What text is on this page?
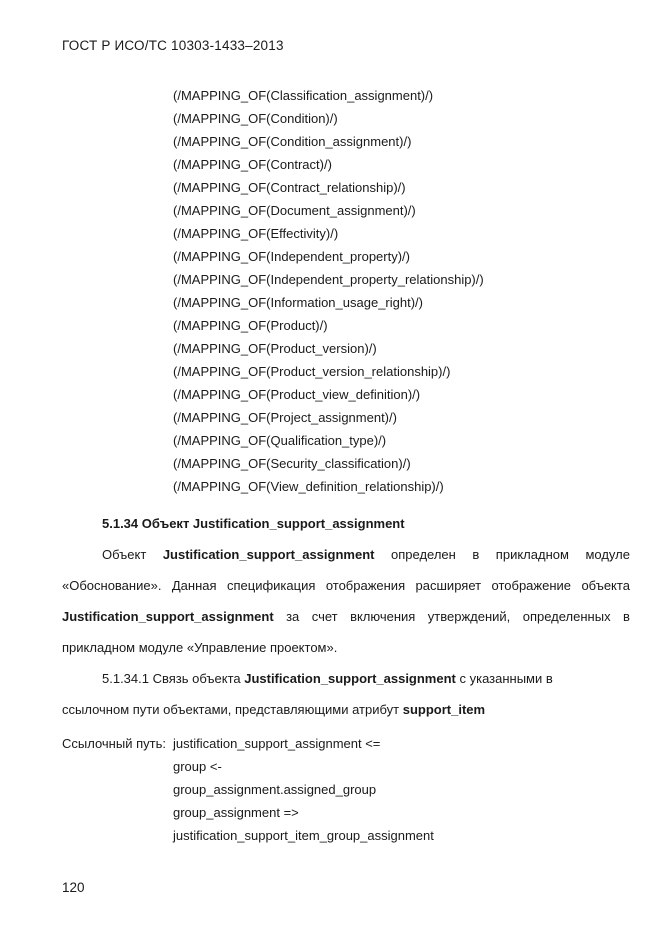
ГОСТ Р ИСО/ТС 10303-1433–2013
(/MAPPING_OF(Classification_assignment)/)
(/MAPPING_OF(Condition)/)
(/MAPPING_OF(Condition_assignment)/)
(/MAPPING_OF(Contract)/)
(/MAPPING_OF(Contract_relationship)/)
(/MAPPING_OF(Document_assignment)/)
(/MAPPING_OF(Effectivity)/)
(/MAPPING_OF(Independent_property)/)
(/MAPPING_OF(Independent_property_relationship)/)
(/MAPPING_OF(Information_usage_right)/)
(/MAPPING_OF(Product)/)
(/MAPPING_OF(Product_version)/)
(/MAPPING_OF(Product_version_relationship)/)
(/MAPPING_OF(Product_view_definition)/)
(/MAPPING_OF(Project_assignment)/)
(/MAPPING_OF(Qualification_type)/)
(/MAPPING_OF(Security_classification)/)
(/MAPPING_OF(View_definition_relationship)/)
5.1.34 Объект Justification_support_assignment
Объект Justification_support_assignment определен в прикладном модуле
«Обоснование». Данная спецификация отображения расширяет отображение объекта
Justification_support_assignment за счет включения утверждений, определенных в
прикладном модуле «Управление проектом».
5.1.34.1 Связь объекта Justification_support_assignment с указанными в
ссылочном пути объектами, представляющими атрибут support_item
Ссылочный путь: justification_support_assignment <=
group <-
group_assignment.assigned_group
group_assignment =>
justification_support_item_group_assignment
120
